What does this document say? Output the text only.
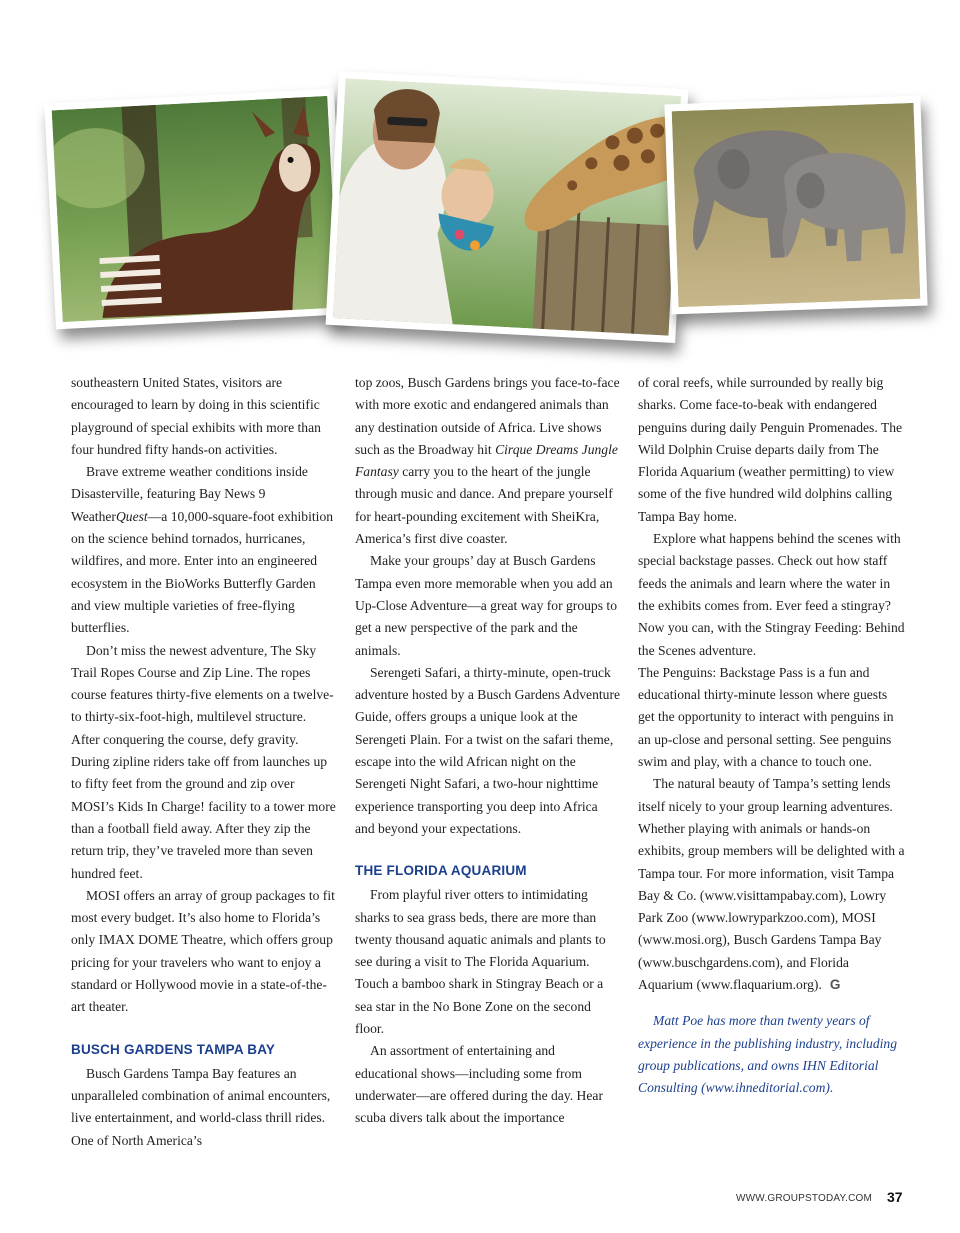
southeastern United States, visitors are encouraged to learn by doing in this scientific playground of special exhibits with more than four hundred fifty hands-on activities.

Brave extreme weather conditions inside Disasterville, featuring Bay News 9 WeatherQuest—a 10,000-square-foot exhibition on the science behind tornados, hurricanes, wildfires, and more. Enter into an engineered ecosystem in the BioWorks Butterfly Garden and view multiple varieties of free-flying butterflies.

Don’t miss the newest adventure, The Sky Trail Ropes Course and Zip Line. The ropes course features thirty-five elements on a twelve- to thirty-six-foot-high, multilevel structure. After conquering the course, defy gravity. During zipline riders take off from launches up to fifty feet from the ground and zip over MOSI’s Kids In Charge! facility to a tower more than a football field away. After they zip the return trip, they’ve traveled more than seven hundred feet.

MOSI offers an array of group packages to fit most every budget. It’s also home to Florida’s only IMAX DOME Theatre, which offers group pricing for your travelers who want to enjoy a standard or Hollywood movie in a state-of-the-art theater.

BUSCH GARDENS TAMPA BAY

Busch Gardens Tampa Bay features an unparalleled combination of animal encounters, live entertainment, and world-class thrill rides. One of North America’s

top zoos, Busch Gardens brings you face-to-face with more exotic and endangered animals than any destination outside of Africa. Live shows such as the Broadway hit Cirque Dreams Jungle Fantasy carry you to the heart of the jungle through music and dance. And prepare yourself for heart-pounding excitement with SheiKra, America’s first dive coaster.

Make your groups’ day at Busch Gardens Tampa even more memorable when you add an Up-Close Adventure—a great way for groups to get a new perspective of the park and the animals.

Serengeti Safari, a thirty-minute, open-truck adventure hosted by a Busch Gardens Adventure Guide, offers groups a unique look at the Serengeti Plain. For a twist on the safari theme, escape into the wild African night on the Serengeti Night Safari, a two-hour nighttime experience transporting you deep into Africa and beyond your expectations.

THE FLORIDA AQUARIUM

From playful river otters to intimidating sharks to sea grass beds, there are more than twenty thousand aquatic animals and plants to see during a visit to The Florida Aquarium. Touch a bamboo shark in Stingray Beach or a sea star in the No Bone Zone on the second floor.

An assortment of entertaining and educational shows—including some from underwater—are offered during the day. Hear scuba divers talk about the importance

of coral reefs, while surrounded by really big sharks. Come face-to-beak with endangered penguins during daily Penguin Promenades. The Wild Dolphin Cruise departs daily from The Florida Aquarium (weather permitting) to view some of the five hundred wild dolphins calling Tampa Bay home.

Explore what happens behind the scenes with special backstage passes. Check out how staff feeds the animals and learn where the water in the exhibits comes from. Ever feed a stingray? Now you can, with the Stingray Feeding: Behind the Scenes adventure.

The Penguins: Backstage Pass is a fun and educational thirty-minute lesson where guests get the opportunity to interact with penguins in an up-close and personal setting. See penguins swim and play, with a chance to touch one.

The natural beauty of Tampa’s setting lends itself nicely to your group learning adventures. Whether playing with animals or hands-on exhibits, group members will be delighted with a Tampa tour. For more information, visit Tampa Bay & Co. (www.visittampabay.com), Lowry Park Zoo (www.lowryparkzoo.com), MOSI (www.mosi.org), Busch Gardens Tampa Bay (www.buschgardens.com), and Florida Aquarium (www.flaquarium.org). G

Matt Poe has more than twenty years of experience in the publishing industry, including group publications, and owns IHN Editorial Consulting (www.ihneditorial.com).

WWW.GROUPSTODAY.COM 37
